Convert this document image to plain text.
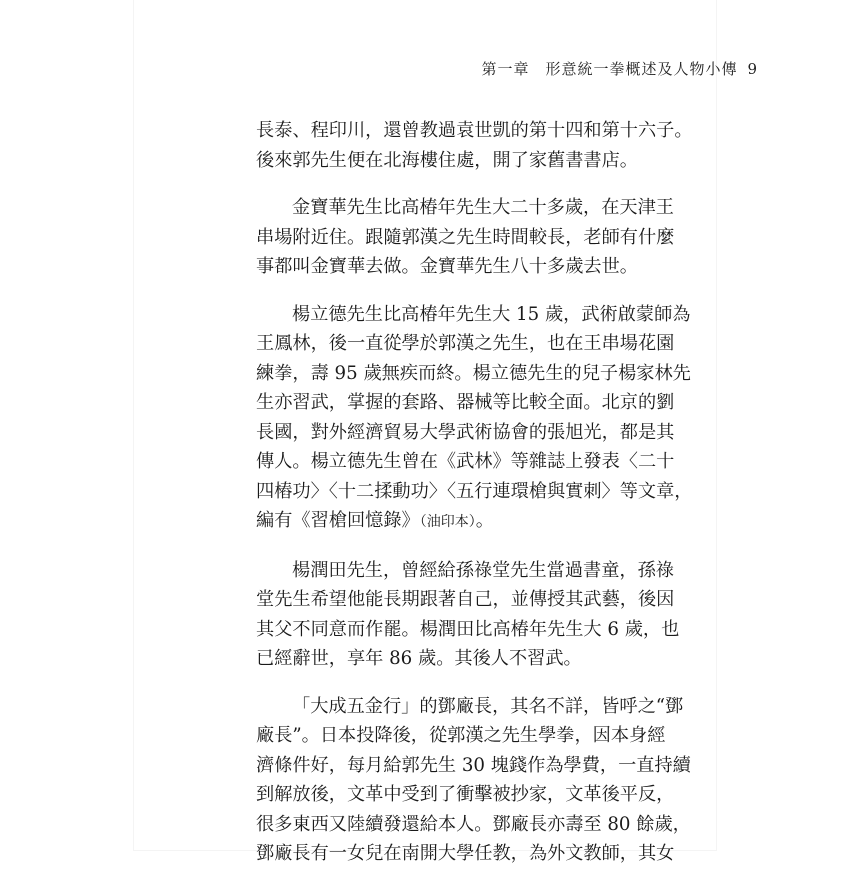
第一章　形意統一拳概述及人物小傳 9

長泰、程印川，還曾教過袁世凱的第十四和第十六子。
後來郭先生便在北海樓住處，開了家舊書書店。

金寶華先生比高椿年先生大二十多歲，在天津王
串場附近住。跟隨郭漢之先生時間較長，老師有什麼
事都叫金寶華去做。金寶華先生八十多歲去世。

楊立德先生比高椿年先生大 15 歲，武術啟蒙師為
王鳳林，後一直從學於郭漢之先生，也在王串場花園
練拳，壽 95 歲無疾而終。楊立德先生的兒子楊家林先
生亦習武，掌握的套路、器械等比較全面。北京的劉
長國，對外經濟貿易大學武術協會的張旭光，都是其
傳人。楊立德先生曾在《武林》等雜誌上發表〈二十
四樁功〉〈十二揉動功〉〈五行連環槍與實刺〉等文章，
編有《習槍回憶錄》（油印本）。

楊潤田先生，曾經給孫祿堂先生當過書童，孫祿
堂先生希望他能長期跟著自己，並傳授其武藝，後因
其父不同意而作罷。楊潤田比高椿年先生大 6 歲，也
已經辭世，享年 86 歲。其後人不習武。

「大成五金行」的鄧廠長，其名不詳，皆呼之“鄧
廠長”。日本投降後，從郭漢之先生學拳，因本身經
濟條件好，每月給郭先生 30 塊錢作為學費，一直持續
到解放後，文革中受到了衝擊被抄家，文革後平反，
很多東西又陸續發還給本人。鄧廠長亦壽至 80 餘歲，
鄧廠長有一女兒在南開大學任教，為外文教師，其女
